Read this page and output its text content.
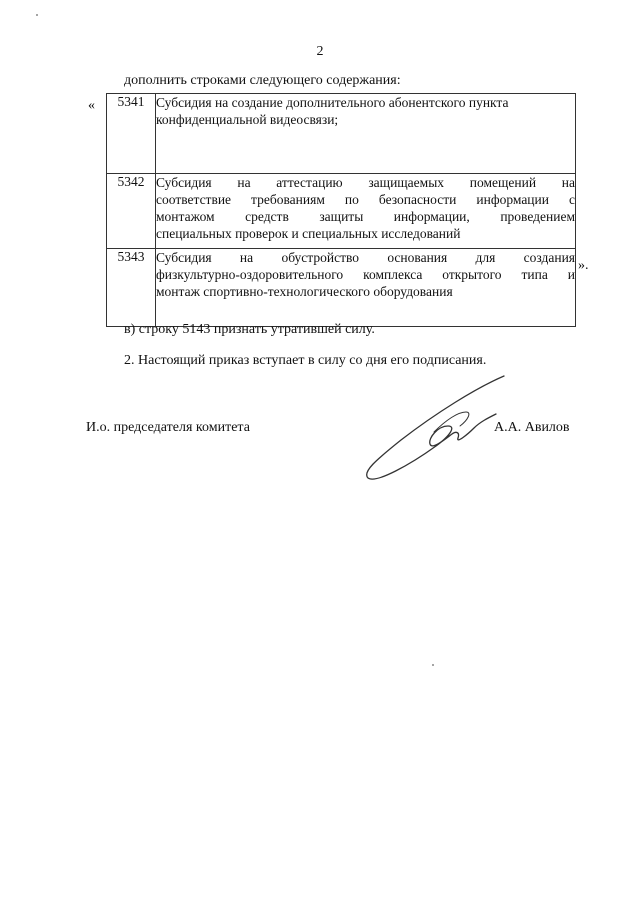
2
дополнить строками следующего содержания:
« 5341	Субсидия на создание дополнительного абонентского пункта
конфиденциальной видеосвязи;

5342	Субсидия на аттестацию защищаемых помещений на
соответствие требованиям по безопасности информации с
монтажом средств защиты информации, проведением
специальных проверок и специальных исследований

5343	Субсидия на обустройство основания для создания
физкультурно-оздоровительного комплекса открытого типа и
монтаж спортивно-технологического оборудования
».
в) строку 5143 признать утратившей силу.
2. Настоящий приказ вступает в силу со дня его подписания.
И.о. председателя комитета	А.А. Авилов
